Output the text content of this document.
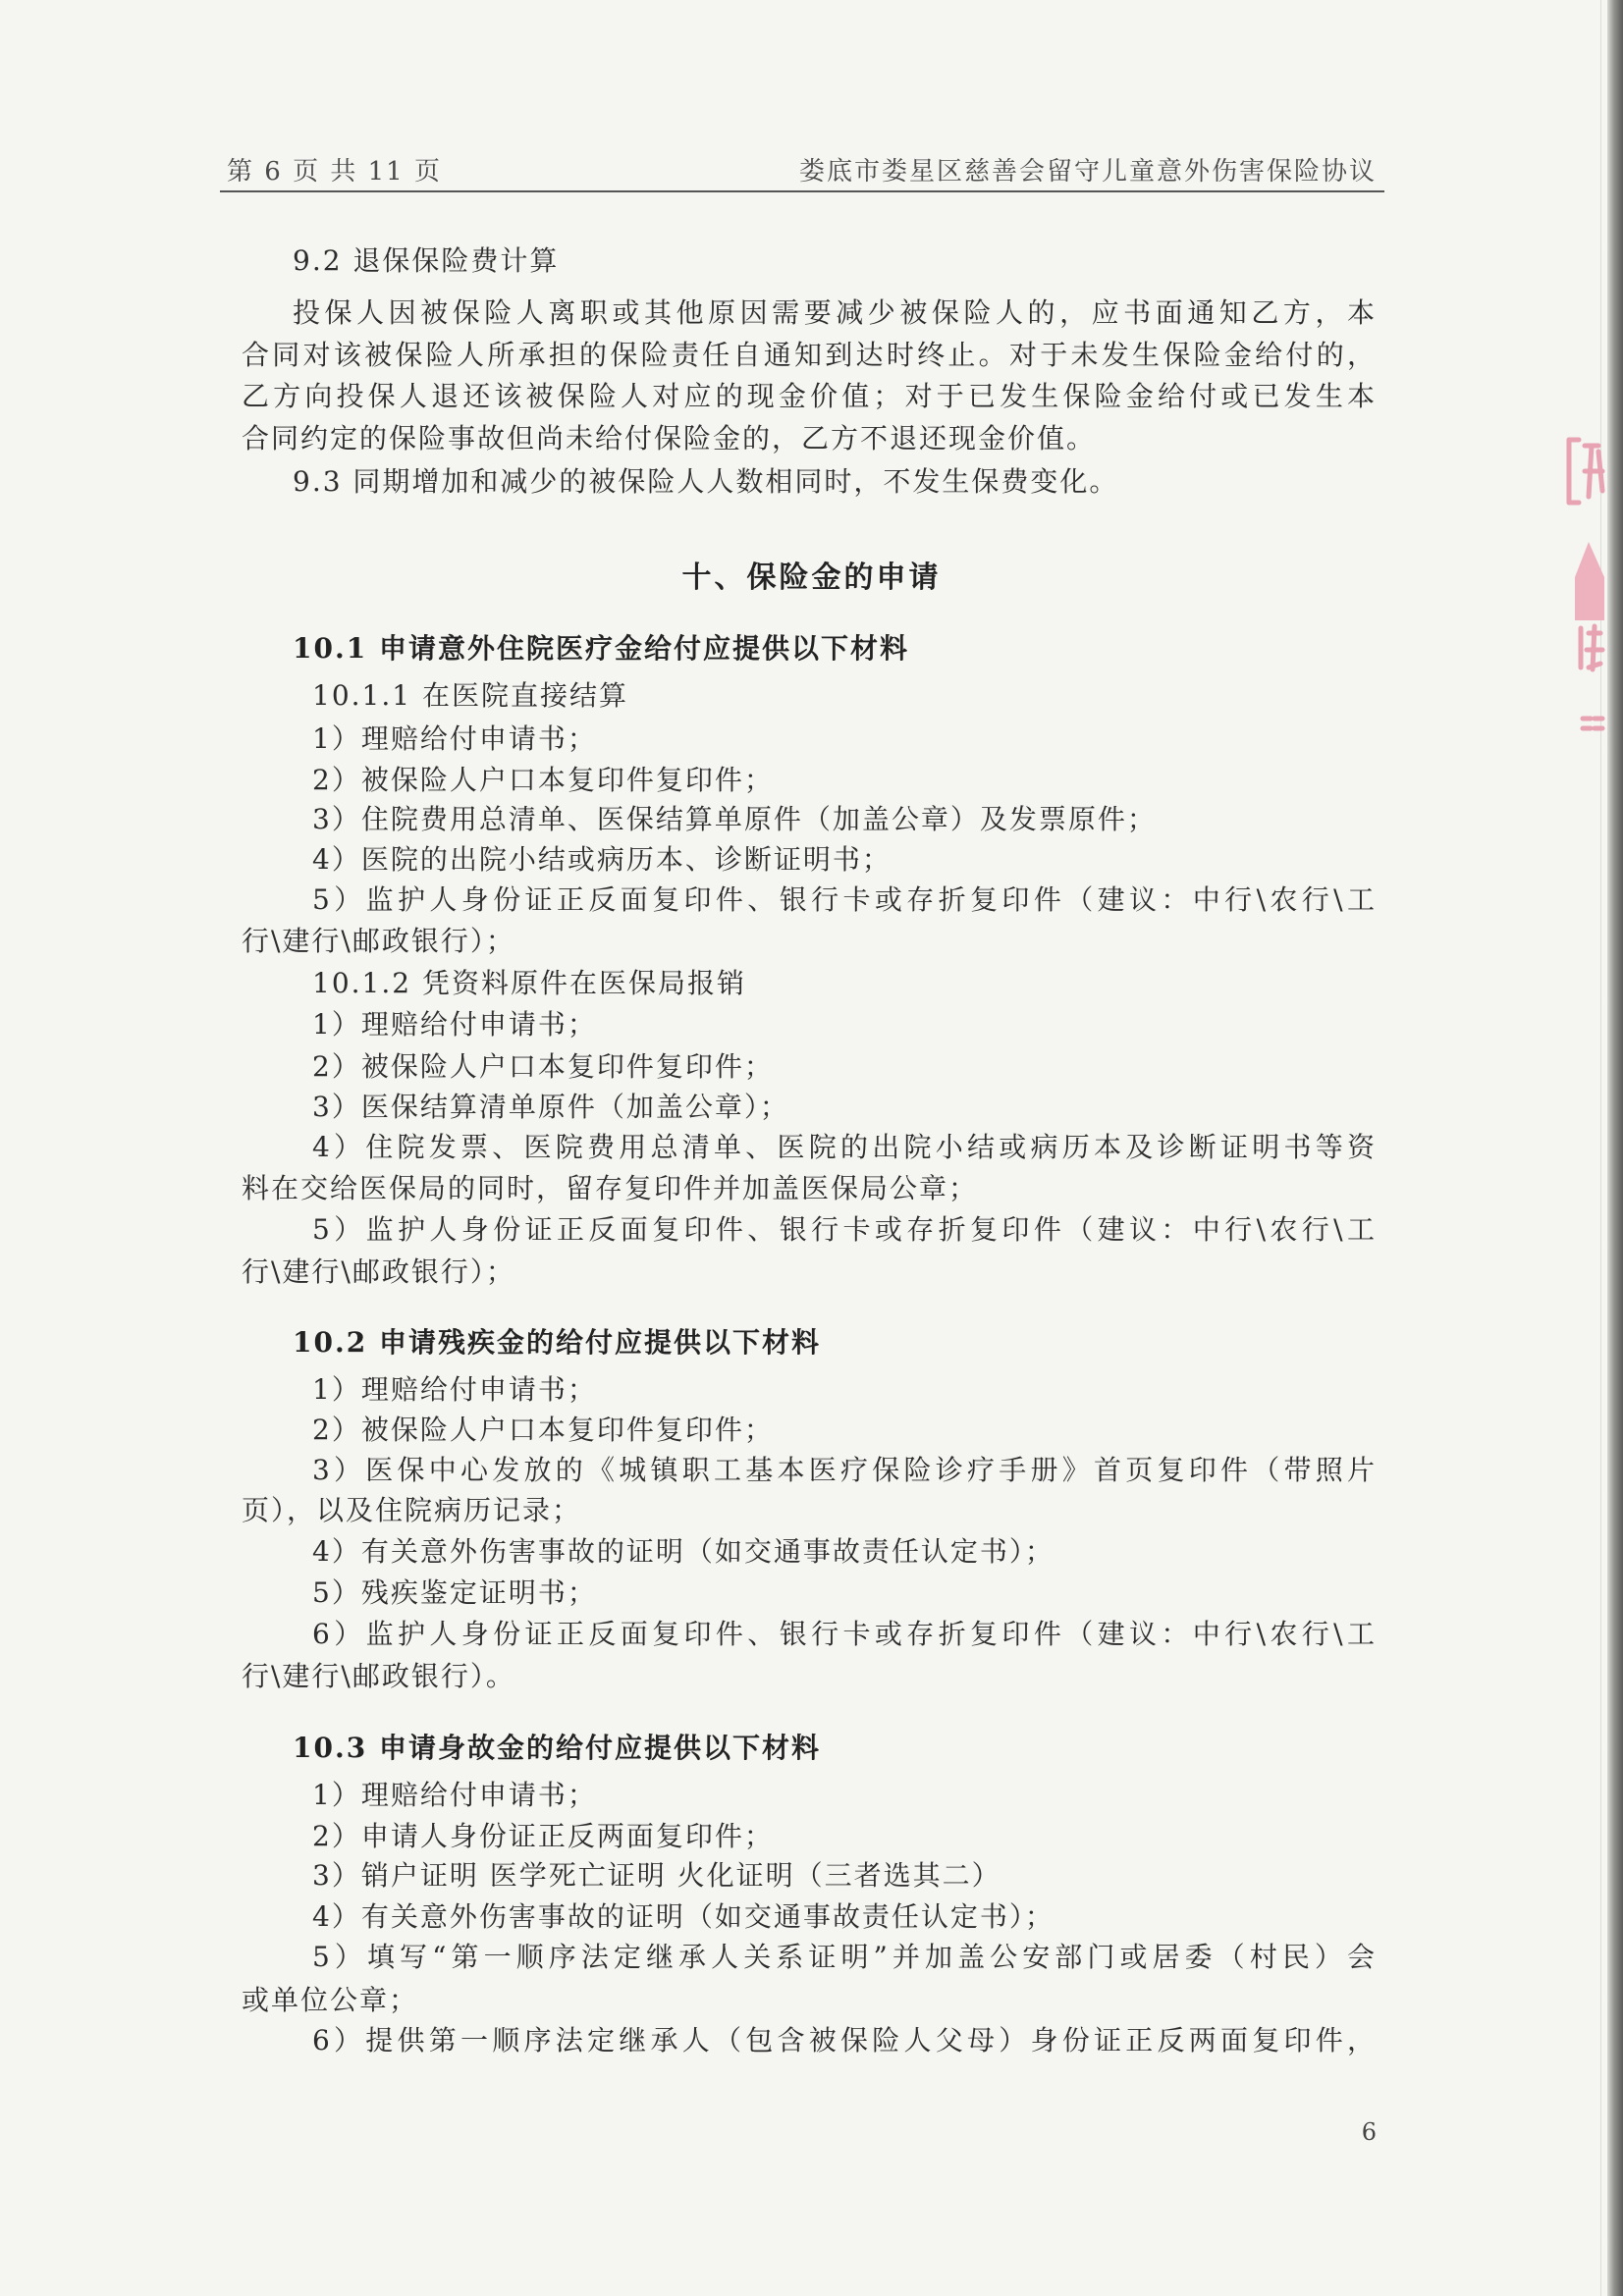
第 6 页 共 11 页	娄底市娄星区慈善会留守儿童意外伤害保险协议
9.2 退保保险费计算
投保人因被保险人离职或其他原因需要减少被保险人的，应书面通知乙方，本
合同对该被保险人所承担的保险责任自通知到达时终止。对于未发生保险金给付的，
乙方向投保人退还该被保险人对应的现金价值；对于已发生保险金给付或已发生本
合同约定的保险事故但尚未给付保险金的，乙方不退还现金价值。
9.3 同期增加和减少的被保险人人数相同时，不发生保费变化。
十、保险金的申请
10.1 申请意外住院医疗金给付应提供以下材料
10.1.1 在医院直接结算
1）理赔给付申请书；
2）被保险人户口本复印件复印件；
3）住院费用总清单、医保结算单原件（加盖公章）及发票原件；
4）医院的出院小结或病历本、诊断证明书；
5）监护人身份证正反面复印件、银行卡或存折复印件（建议：中行\农行\工
行\建行\邮政银行）；
10.1.2 凭资料原件在医保局报销
1）理赔给付申请书；
2）被保险人户口本复印件复印件；
3）医保结算清单原件（加盖公章）；
4）住院发票、医院费用总清单、医院的出院小结或病历本及诊断证明书等资
料在交给医保局的同时，留存复印件并加盖医保局公章；
5）监护人身份证正反面复印件、银行卡或存折复印件（建议：中行\农行\工
行\建行\邮政银行）；
10.2 申请残疾金的给付应提供以下材料
1）理赔给付申请书；
2）被保险人户口本复印件复印件；
3）医保中心发放的《城镇职工基本医疗保险诊疗手册》首页复印件（带照片
页），以及住院病历记录；
4）有关意外伤害事故的证明（如交通事故责任认定书）；
5）残疾鉴定证明书；
6）监护人身份证正反面复印件、银行卡或存折复印件（建议：中行\农行\工
行\建行\邮政银行）。
10.3 申请身故金的给付应提供以下材料
1）理赔给付申请书；
2）申请人身份证正反两面复印件；
3）销户证明 医学死亡证明 火化证明（三者选其二）
4）有关意外伤害事故的证明（如交通事故责任认定书）；
5）填写“第一顺序法定继承人关系证明”并加盖公安部门或居委（村民）会
或单位公章；
6）提供第一顺序法定继承人（包含被保险人父母）身份证正反两面复印件，
6
